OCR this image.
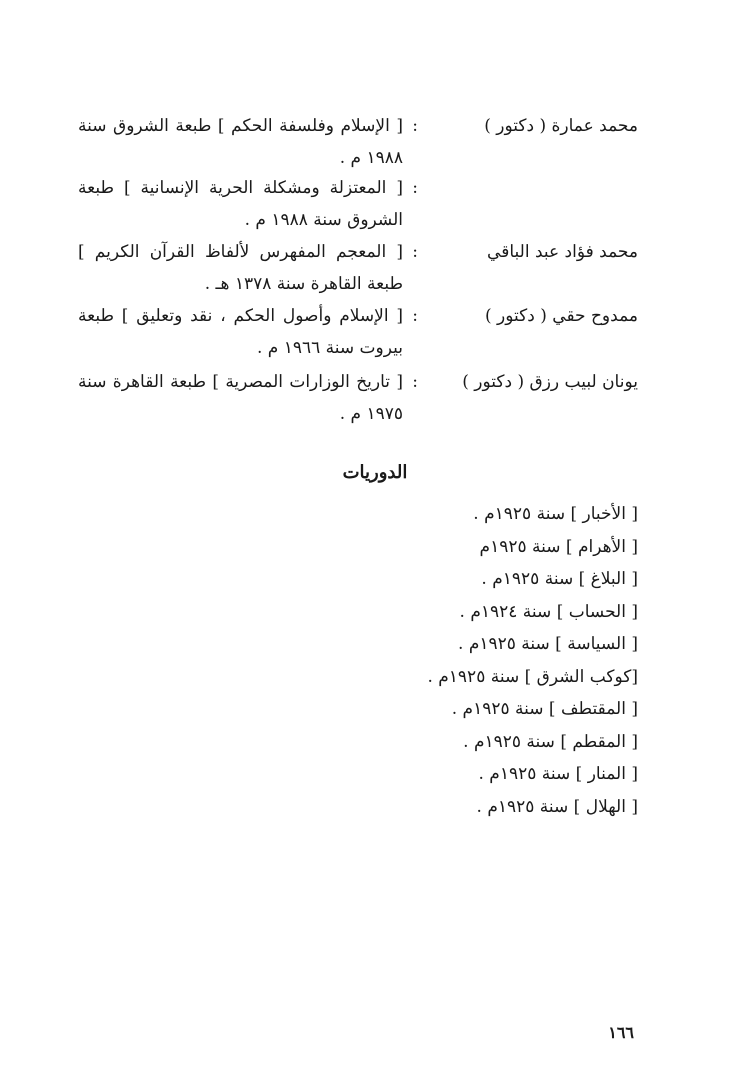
محمد عمارة ( دكتور )
:
[ الإسلام وفلسفة الحكم ] طبعة الشروق سنة ١٩٨٨ م .
:
[ المعتزلة ومشكلة الحرية الإنسانية ] طبعة الشروق سنة ١٩٨٨ م .
محمد فؤاد عبد الباقي
:
[ المعجم المفهرس لألفاظ القرآن الكريم ] طبعة القاهرة سنة ١٣٧٨ هـ .
ممدوح حقي ( دكتور )
:
[ الإسلام وأصول الحكم ، نقد وتعليق ] طبعة بيروت سنة ١٩٦٦ م .
يونان لبيب رزق ( دكتور )
:
[ تاريخ الوزارات المصرية ] طبعة القاهرة سنة ١٩٧٥ م .
الدوريات
[ الأخبار ] سنة ١٩٢٥م .
[ الأهرام ] سنة ١٩٢٥م
[ البلاغ ] سنة ١٩٢٥م .
[ الحساب ] سنة ١٩٢٤م .
[ السياسة ] سنة ١٩٢٥م .
[كوكب الشرق ] سنة ١٩٢٥م .
[ المقتطف ] سنة ١٩٢٥م .
[ المقطم ] سنة ١٩٢٥م .
[ المنار ] سنة ١٩٢٥م .
[ الهلال ] سنة ١٩٢٥م .
١٦٦
